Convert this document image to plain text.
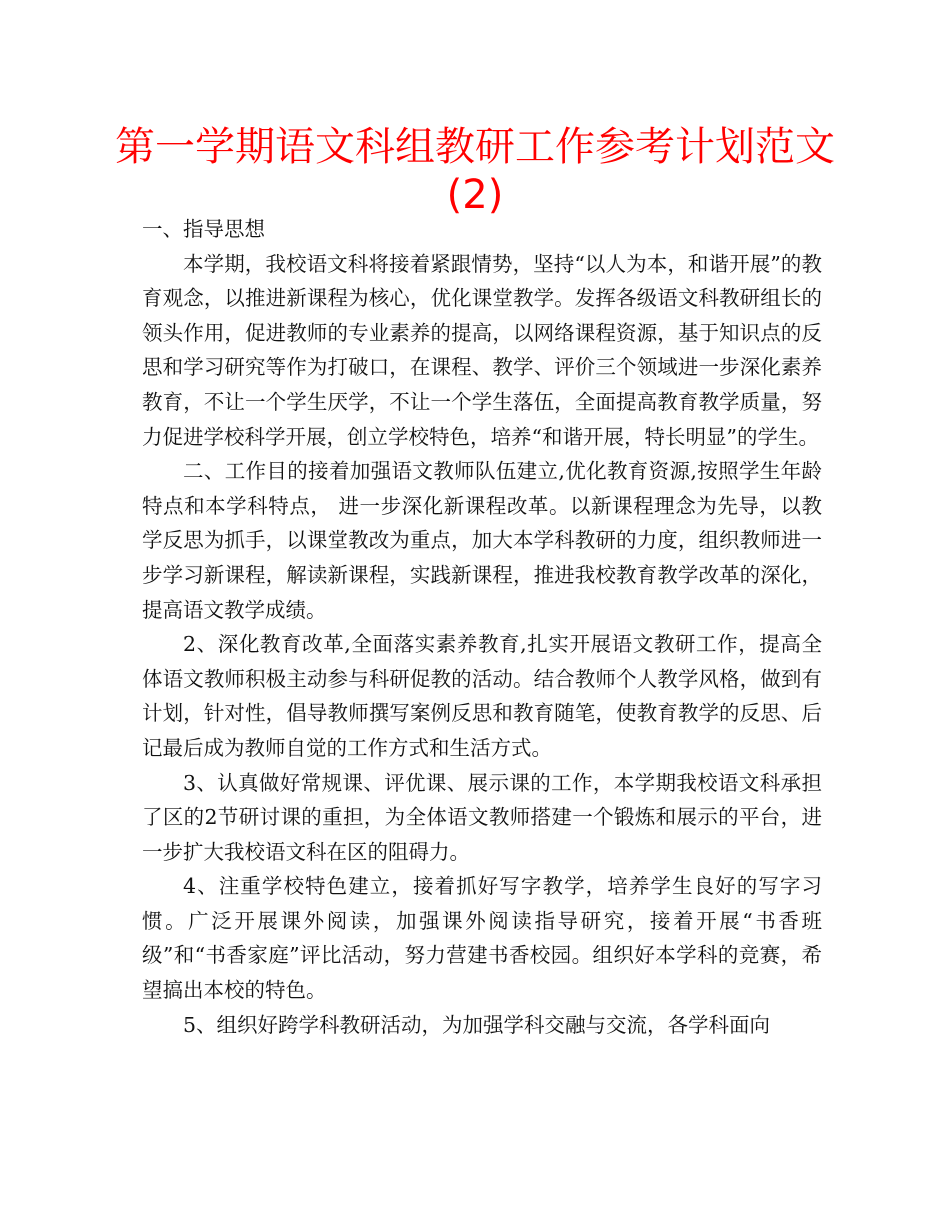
第一学期语文科组教研工作参考计划范文
(2)

一、指导思想

本学期，我校语文科将接着紧跟情势，坚持“以人为本，和谐开展”的教育观念，以推进新课程为核心，优化课堂教学。发挥各级语文科教研组长的领头作用，促进教师的专业素养的提高，以网络课程资源，基于知识点的反思和学习研究等作为打破口，在课程、教学、评价三个领域进一步深化素养教育，不让一个学生厌学，不让一个学生落伍，全面提高教育教学质量，努力促进学校科学开展，创立学校特色，培养“和谐开展，特长明显”的学生。

二、工作目的接着加强语文教师队伍建立,优化教育资源,按照学生年龄特点和本学科特点， 进一步深化新课程改革。以新课程理念为先导，以教学反思为抓手，以课堂教改为重点，加大本学科教研的力度，组织教师进一步学习新课程，解读新课程，实践新课程，推进我校教育教学改革的深化，提高语文教学成绩。

2、深化教育改革,全面落实素养教育,扎实开展语文教研工作，提高全体语文教师积极主动参与科研促教的活动。结合教师个人教学风格，做到有计划，针对性，倡导教师撰写案例反思和教育随笔，使教育教学的反思、后记最后成为教师自觉的工作方式和生活方式。

3、认真做好常规课、评优课、展示课的工作，本学期我校语文科承担了区的2节研讨课的重担，为全体语文教师搭建一个锻炼和展示的平台，进一步扩大我校语文科在区的阻碍力。

4、注重学校特色建立，接着抓好写字教学，培养学生良好的写字习惯。广泛开展课外阅读，加强课外阅读指导研究，接着开展“书香班级”和“书香家庭”评比活动，努力营建书香校园。组织好本学科的竞赛，希望搞出本校的特色。

5、组织好跨学科教研活动，为加强学科交融与交流，各学科面向
